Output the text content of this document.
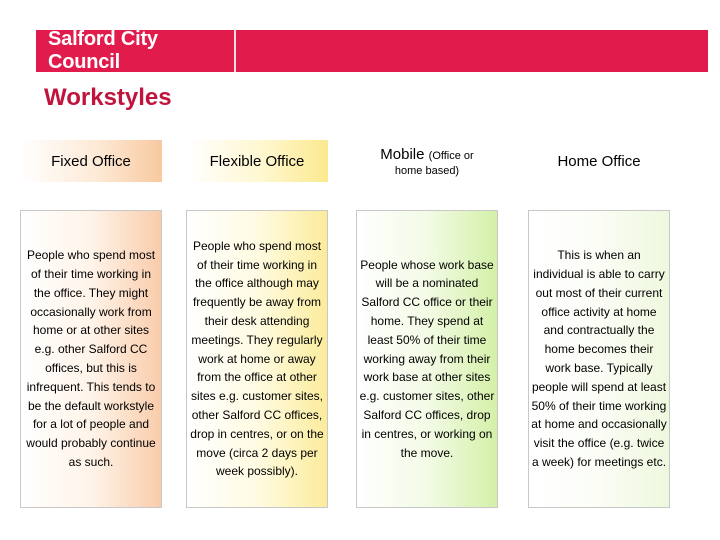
Salford City Council
Workstyles
Fixed Office	Flexible Office	Mobile (Office or
home based)
Home Office
People who spend most of their time working in the office. They might occasionally work from home or at other sites e.g. other Salford CC offices, but this is infrequent. This tends to be the default workstyle for a lot of people and would probably continue as such.
People who spend most of their time working in the office although may frequently be away from their desk attending meetings. They regularly work at home or away from the office at other sites e.g. customer sites, other Salford CC offices, drop in centres, or on the move (circa 2 days per week possibly).
People whose work base will be a nominated Salford CC office or their home. They spend at least 50% of their time working away from their work base at other sites e.g. customer sites, other Salford CC offices, drop in centres, or working on the move.
This is when an individual is able to carry out most of their current office activity at home and contractually the home becomes their work base. Typically people will spend at least 50% of their time working at home and occasionally visit the office (e.g. twice a week) for meetings etc.
